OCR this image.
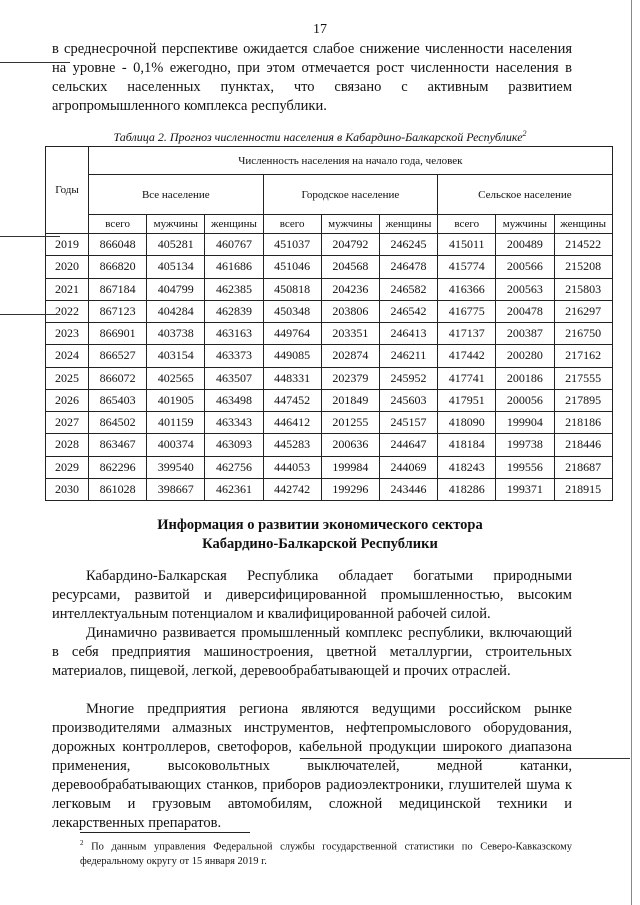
17

в среднесрочной перспективе ожидается слабое снижение численности населения на уровне - 0,1% ежегодно, при этом отмечается рост численности населения в сельских населенных пунктах, что связано с активным развитием агропромышленного комплекса республики.

Таблица 2. Прогноз численности населения в Кабардино-Балкарской Республике$^2$
Годы	Численность населения на начало года, человек								
	Все население			Городское население			Сельское население		
	всего	мужчины	женщины	всего	мужчины	женщины	всего	мужчины	женщины
2019	866048	405281	460767	451037	204792	246245	415011	200489	214522
2020	866820	405134	461686	451046	204568	246478	415774	200566	215208
2021	867184	404799	462385	450818	204236	246582	416366	200563	215803
2022	867123	404284	462839	450348	203806	246542	416775	200478	216297
2023	866901	403738	463163	449764	203351	246413	417137	200387	216750
2024	866527	403154	463373	449085	202874	246211	417442	200280	217162
2025	866072	402565	463507	448331	202379	245952	417741	200186	217555
2026	865403	401905	463498	447452	201849	245603	417951	200056	217895
2027	864502	401159	463343	446412	201255	245157	418090	199904	218186
2028	863467	400374	463093	445283	200636	244647	418184	199738	218446
2029	862296	399540	462756	444053	199984	244069	418243	199556	218687
2030	861028	398667	462361	442742	199296	243446	418286	199371	218915
Информация о развитии экономического сектора
Кабардино-Балкарской Республики

Кабардино-Балкарская Республика обладает богатыми природными ресурсами, развитой и диверсифицированной промышленностью, высоким интеллектуальным потенциалом и квалифицированной рабочей силой.

Динамично развивается промышленный комплекс республики, включающий в себя предприятия машиностроения, цветной металлургии, строительных материалов, пищевой, легкой, деревообрабатывающей и прочих отраслей.

Многие предприятия региона являются ведущими российском рынке производителями алмазных инструментов, нефтепромыслового оборудования, дорожных контроллеров, светофоров, кабельной продукции широкого диапазона применения, высоковольтных выключателей, медной катанки, деревообрабатывающих станков, приборов радиоэлектроники, глушителей шума к легковым и грузовым автомобилям, сложной медицинской техники и лекарственных препаратов.

$^2$ По данным управления Федеральной службы государственной статистики по Северо-Кавказскому федеральному округу от 15 января 2019 г.
